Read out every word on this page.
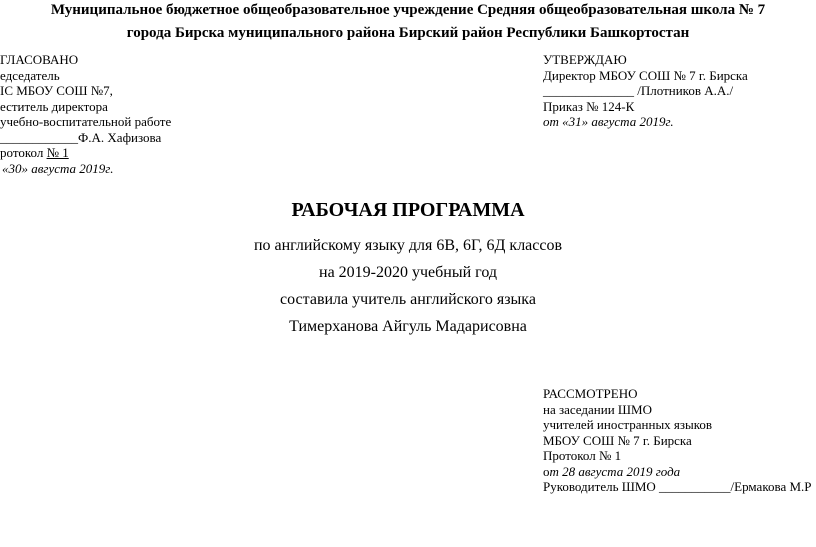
Муниципальное бюджетное общеобразовательное учреждение Средняя общеобразовательная школа № 7
города Бирска муниципального района Бирский район Республики Башкортостан
ГЛАСОВАНО
едседатель
IС МБОУ СОШ №7,
еститель директора
учебно-воспитательной работе
____________Ф.А. Хафизова
ротокол № 1
«30» августа 2019г.
УТВЕРЖДАЮ
Директор МБОУ СОШ № 7 г. Бирска
______________ /Плотников А.А./
Приказ № 124-К
от «31» августа 2019г.
РАБОЧАЯ ПРОГРАММА
по английскому языку для 6В, 6Г, 6Д классов
на 2019-2020 учебный год
составила учитель английского языка
Тимерханова Айгуль Мадарисовна
РАССМОТРЕНО
на заседании ШМО
учителей иностранных языков
МБОУ СОШ № 7 г. Бирска
Протокол № 1
от 28 августа 2019 года
Руководитель ШМО ___________/Ермакова М.Р
